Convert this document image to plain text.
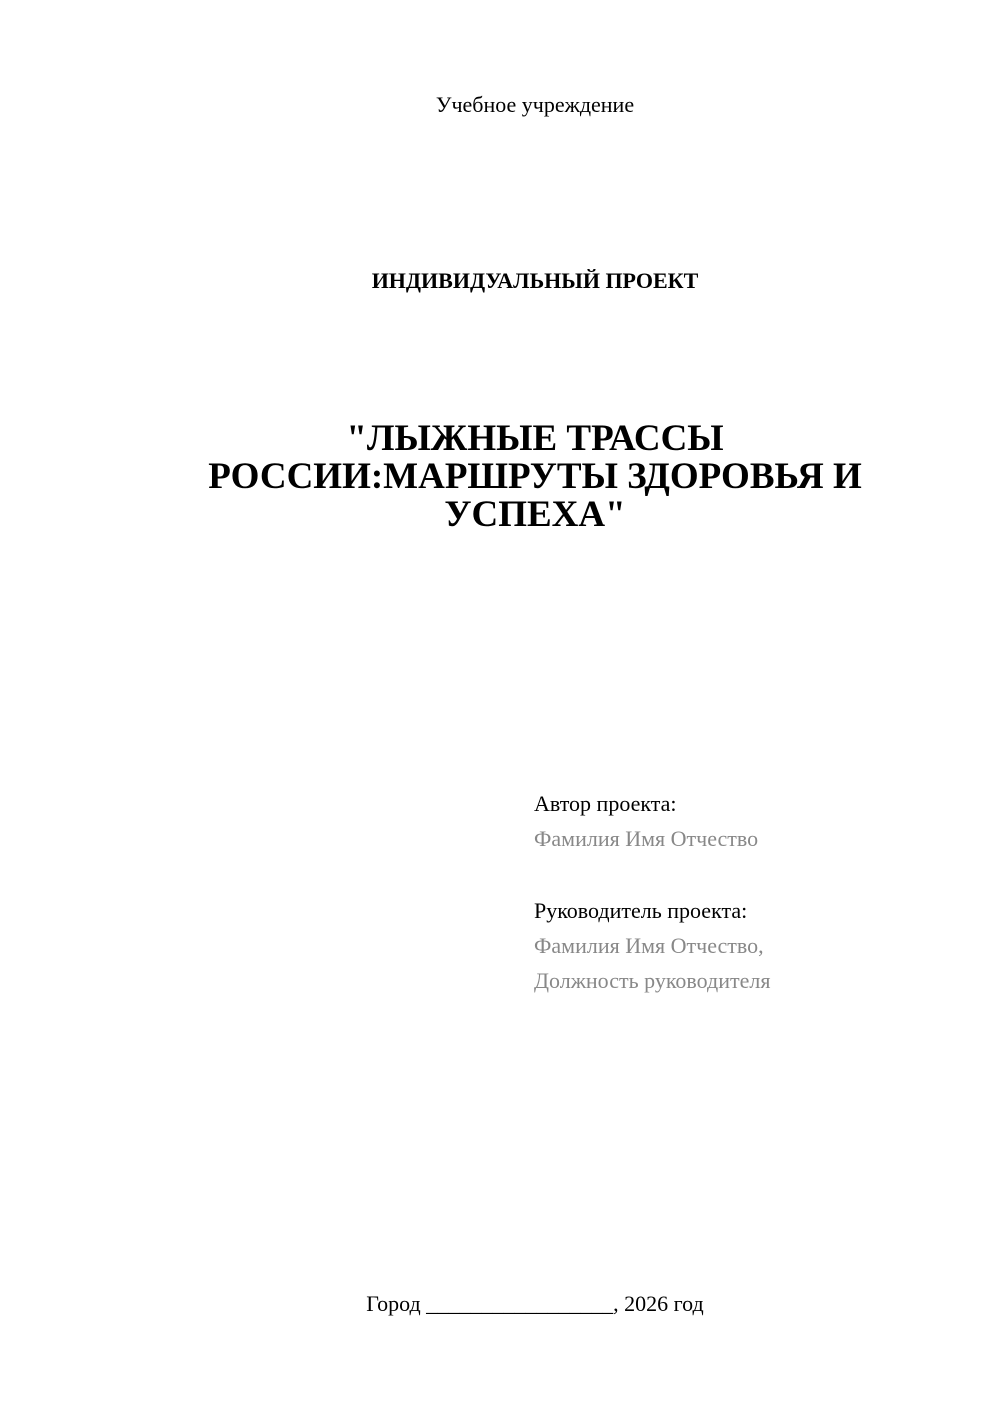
Учебное учреждение
ИНДИВИДУАЛЬНЫЙ ПРОЕКТ
"ЛЫЖНЫЕ ТРАССЫ
РОССИИ:МАРШРУТЫ ЗДОРОВЬЯ И
УСПЕХА"
Автор проекта:
Фамилия Имя Отчество
Руководитель проекта:
Фамилия Имя Отчество,
Должность руководителя
Город _________________, 2026 год
